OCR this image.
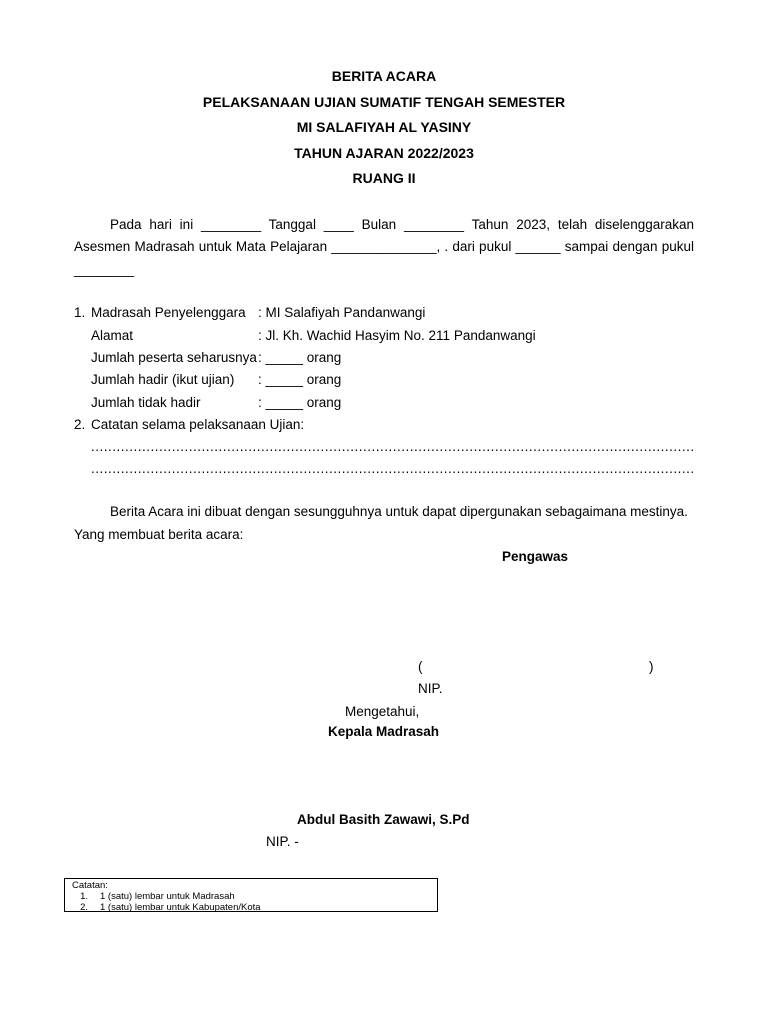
BERITA ACARA
PELAKSANAAN UJIAN SUMATIF TENGAH SEMESTER
MI SALAFIYAH AL YASINY
TAHUN AJARAN 2022/2023
RUANG II
Pada hari ini ________ Tanggal ____ Bulan ________ Tahun 2023, telah diselenggarakan
Asesmen Madrasah untuk Mata Pelajaran ______________, . dari pukul ______ sampai dengan pukul
________
1. Madrasah Penyelenggara : MI Salafiyah Pandanwangi
Alamat	: Jl. Kh. Wachid Hasyim No. 211 Pandanwangi
Jumlah peserta seharusnya : _____ orang
Jumlah hadir (ikut ujian) : _____ orang
Jumlah tidak hadir	: _____ orang
2. Catatan selama pelaksanaan Ujian:
..............................................................................................................................................
..............................................................................................................................................
Berita Acara ini dibuat dengan sesungguhnya untuk dapat dipergunakan sebagaimana mestinya.
Yang membuat berita acara:
Pengawas
(	)
NIP.
Mengetahui,
Kepala Madrasah
Abdul Basith Zawawi, S.Pd
NIP. -
Catatan:
1.	1 (satu) lembar untuk Madrasah
2.	1 (satu) lembar untuk Kabupaten/Kota
